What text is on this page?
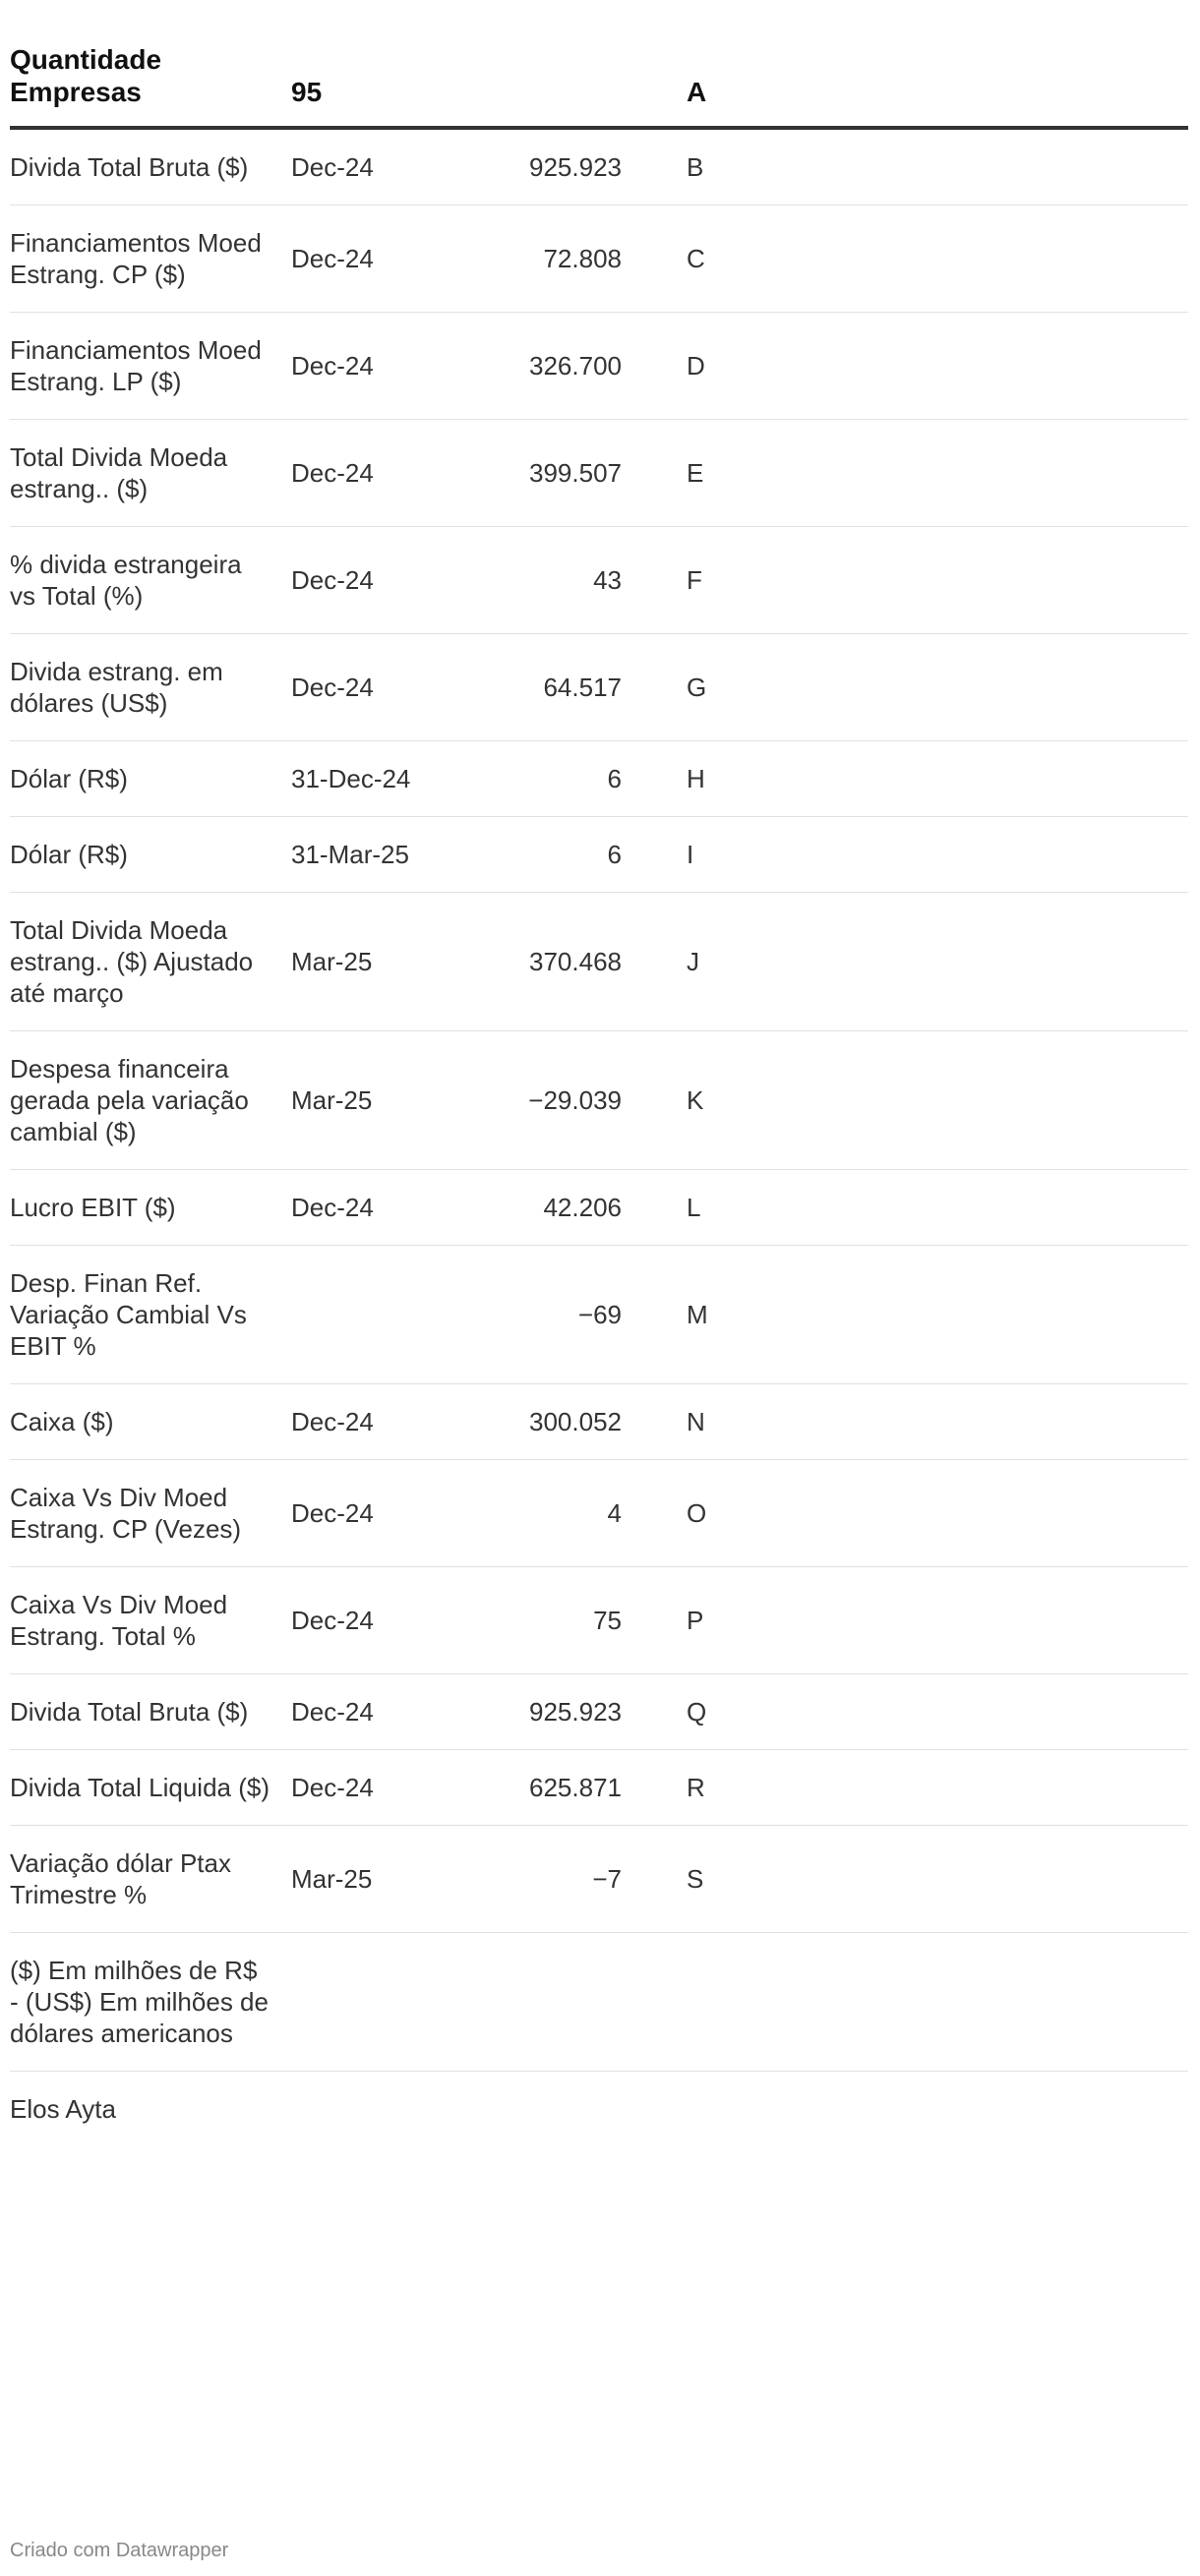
Quantidade Empresas	95		A
Divida Total Bruta ($)	Dec-24	925.923	B
Financiamentos Moed Estrang. CP ($)	Dec-24	72.808	C
Financiamentos Moed Estrang. LP ($)	Dec-24	326.700	D
Total Divida Moeda estrang.. ($)	Dec-24	399.507	E
% divida estrangeira vs Total (%)	Dec-24	43	F
Divida estrang. em dólares (US$)	Dec-24	64.517	G
Dólar (R$)	31-Dec-24	6	H
Dólar (R$)	31-Mar-25	6	I
Total Divida Moeda estrang.. ($) Ajustado até março	Mar-25	370.468	J
Despesa financeira gerada pela variação cambial ($)	Mar-25	−29.039	K
Lucro EBIT ($)	Dec-24	42.206	L
Desp. Finan Ref. Variação Cambial Vs EBIT %		−69	M
Caixa ($)	Dec-24	300.052	N
Caixa Vs Div Moed Estrang. CP (Vezes)	Dec-24	4	O
Caixa Vs Div Moed Estrang. Total %	Dec-24	75	P
Divida Total Bruta ($)	Dec-24	925.923	Q
Divida Total Liquida ($)	Dec-24	625.871	R
Variação dólar Ptax Trimestre %	Mar-25	−7	S
($) Em milhões de R$ - (US$) Em milhões de dólares americanos			
Elos Ayta			
Criado com Datawrapper
